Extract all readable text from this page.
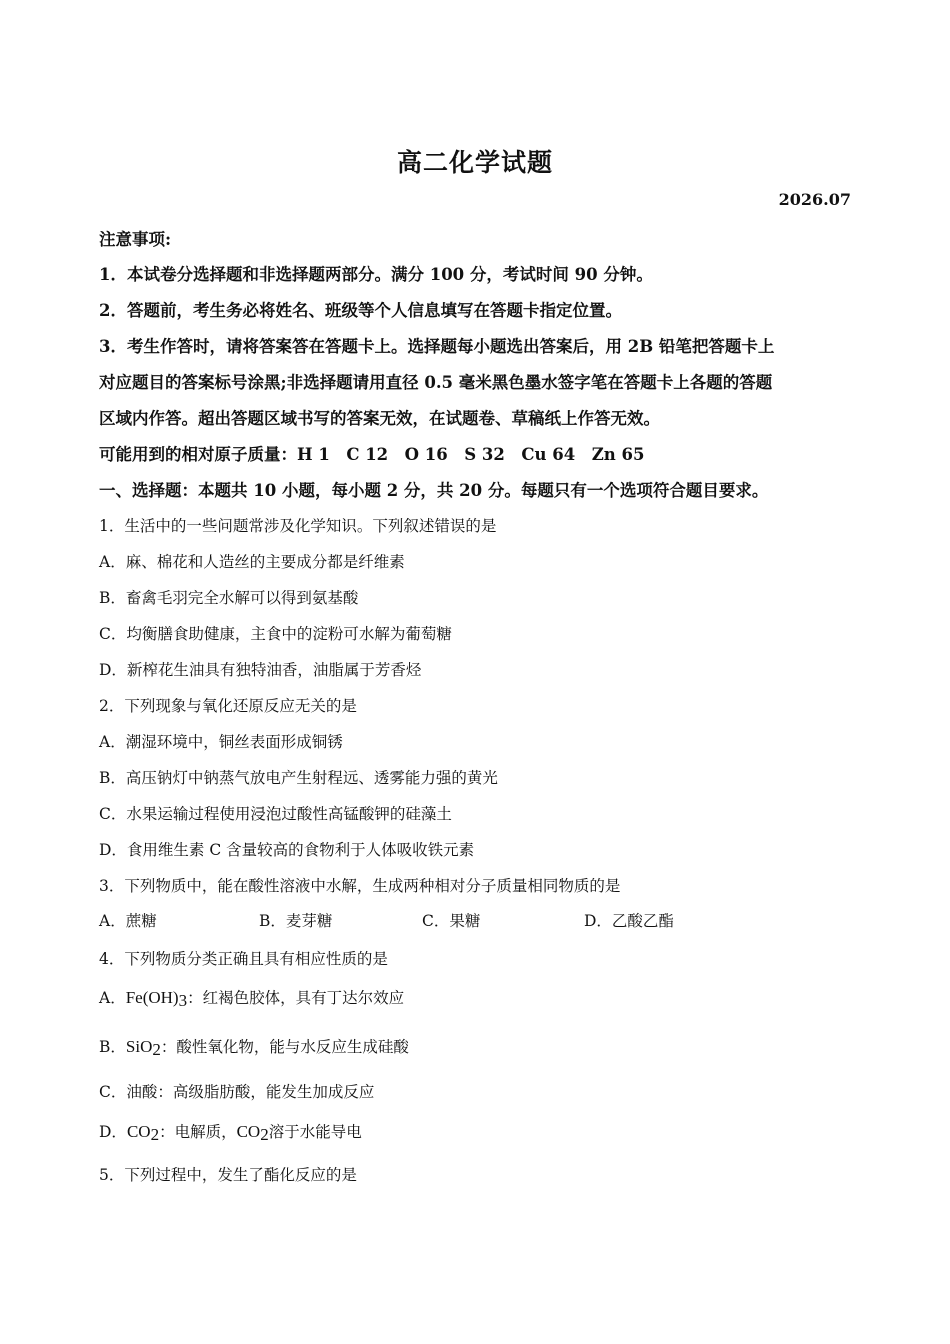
高二化学试题
2026.07
注意事项:
1．本试卷分选择题和非选择题两部分。满分 100 分，考试时间 90 分钟。
2．答题前，考生务必将姓名、班级等个人信息填写在答题卡指定位置。
3．考生作答时，请将答案答在答题卡上。选择题每小题选出答案后，用 2B 铅笔把答题卡上
对应题目的答案标号涂黑;非选择题请用直径 0.5 毫米黑色墨水签字笔在答题卡上各题的答题
区域内作答。超出答题区域书写的答案无效，在试题卷、草稿纸上作答无效。
可能用到的相对原子质量：H 1　C 12　O 16　S 32　Cu 64　Zn 65
一、选择题：本题共 10 小题，每小题 2 分，共 20 分。每题只有一个选项符合题目要求。
1．生活中的一些问题常涉及化学知识。下列叙述错误的是
A．麻、棉花和人造丝的主要成分都是纤维素
B．畜禽毛羽完全水解可以得到氨基酸
C．均衡膳食助健康，主食中的淀粉可水解为葡萄糖
D．新榨花生油具有独特油香，油脂属于芳香烃
2．下列现象与氧化还原反应无关的是
A．潮湿环境中，铜丝表面形成铜锈
B．高压钠灯中钠蒸气放电产生射程远、透雾能力强的黄光
C．水果运输过程使用浸泡过酸性高锰酸钾的硅藻土
D．食用维生素 C 含量较高的食物利于人体吸收铁元素
3．下列物质中，能在酸性溶液中水解，生成两种相对分子质量相同物质的是
A．蔗糖	B．麦芽糖	C．果糖	D．乙酸乙酯
4．下列物质分类正确且具有相应性质的是
A．$Fe(OH)_3$：红褐色胶体，具有丁达尔效应
B．SiO$_2$：酸性氧化物，能与水反应生成硅酸
C．油酸：高级脂肪酸，能发生加成反应
D．$CO_2$：电解质，$CO_2$溶于水能导电
5．下列过程中，发生了酯化反应的是
